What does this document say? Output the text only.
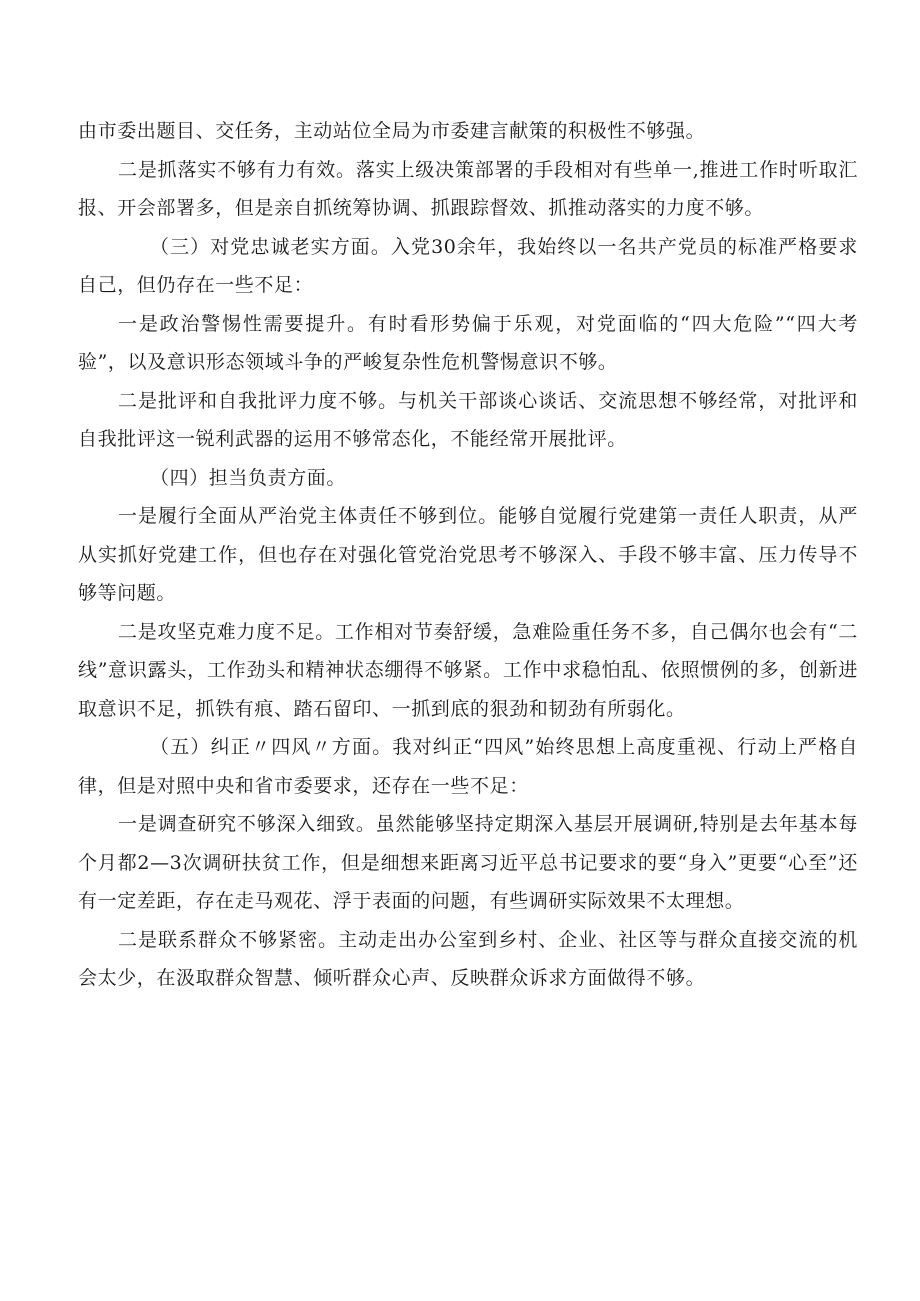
由市委出题目、交任务，主动站位全局为市委建言献策的积极性不够强。

二是抓落实不够有力有效。落实上级决策部署的手段相对有些单一,推进工作时听取汇报、开会部署多，但是亲自抓统筹协调、抓跟踪督效、抓推动落实的力度不够。

（三）对党忠诚老实方面。入党30余年，我始终以一名共产党员的标准严格要求自己，但仍存在一些不足：

一是政治警惕性需要提升。有时看形势偏于乐观，对党面临的“四大危险”“四大考验”，以及意识形态领域斗争的严峻复杂性危机警惕意识不够。

二是批评和自我批评力度不够。与机关干部谈心谈话、交流思想不够经常，对批评和自我批评这一锐利武器的运用不够常态化，不能经常开展批评。

（四）担当负责方面。

一是履行全面从严治党主体责任不够到位。能够自觉履行党建第一责任人职责，从严从实抓好党建工作，但也存在对强化管党治党思考不够深入、手段不够丰富、压力传导不够等问题。

二是攻坚克难力度不足。工作相对节奏舒缓，急难险重任务不多，自己偶尔也会有“二线”意识露头，工作劲头和精神状态绷得不够紧。工作中求稳怕乱、依照惯例的多，创新进取意识不足，抓铁有痕、踏石留印、一抓到底的狠劲和韧劲有所弱化。

（五）纠正〃四风〃方面。我对纠正“四风”始终思想上高度重视、行动上严格自律，但是对照中央和省市委要求，还存在一些不足：

一是调查研究不够深入细致。虽然能够坚持定期深入基层开展调研,特别是去年基本每个月都2—3次调研扶贫工作，但是细想来距离习近平总书记要求的要“身入”更要“心至”还有一定差距，存在走马观花、浮于表面的问题，有些调研实际效果不太理想。

二是联系群众不够紧密。主动走出办公室到乡村、企业、社区等与群众直接交流的机会太少，在汲取群众智慧、倾听群众心声、反映群众诉求方面做得不够。
